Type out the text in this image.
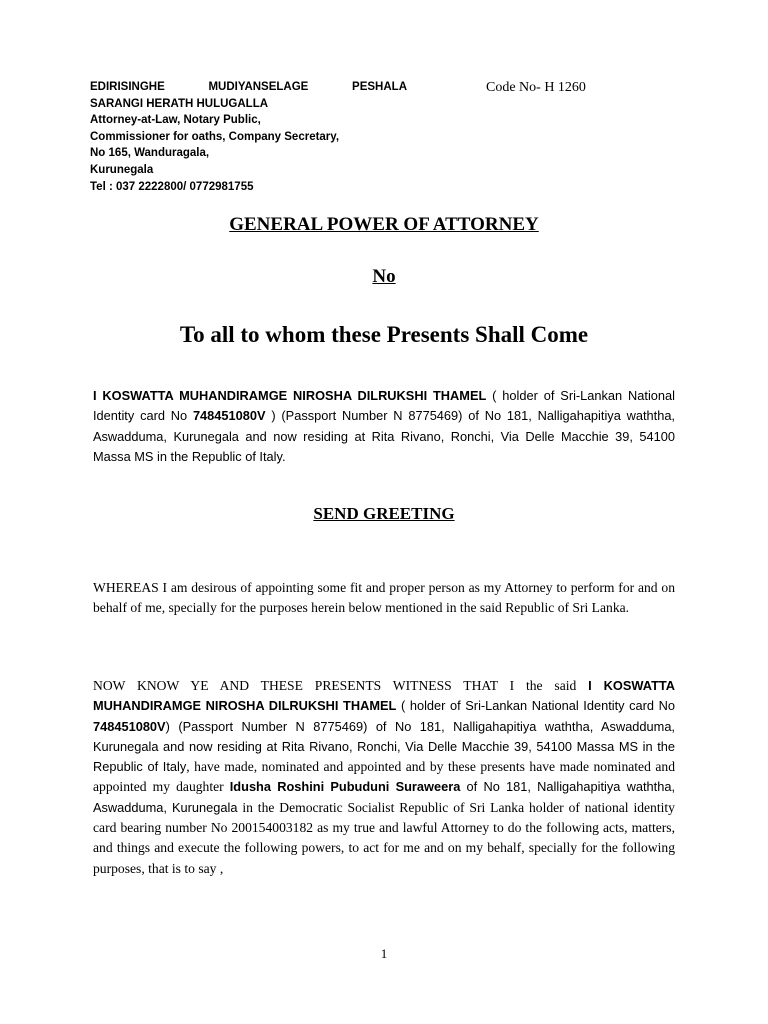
EDIRISINGHE	MUDIYANSELAGE	PESHALA
SARANGI HERATH HULUGALLA
Attorney-at-Law, Notary Public,
Commissioner for oaths, Company Secretary,
No 165, Wanduragala,
Kurunegala
Tel : 037 2222800/ 0772981755
Code No- H 1260
GENERAL POWER OF ATTORNEY
No
To all to whom these Presents Shall Come
I KOSWATTA MUHANDIRAMGE NIROSHA DILRUKSHI THAMEL ( holder of Sri-Lankan National Identity card No 748451080V ) (Passport Number N 8775469) of No 181, Nalligahapitiya waththa, Aswadduma, Kurunegala and now residing at Rita Rivano, Ronchi, Via Delle Macchie 39, 54100 Massa MS in the Republic of Italy.
SEND GREETING
WHEREAS I am desirous of appointing some fit and proper person as my Attorney to perform for and on behalf of me, specially for the purposes herein below mentioned in the said Republic of Sri Lanka.
NOW KNOW YE AND THESE PRESENTS WITNESS THAT I the said I KOSWATTA MUHANDIRAMGE NIROSHA DILRUKSHI THAMEL ( holder of Sri-Lankan National Identity card No 748451080V) (Passport Number N 8775469) of No 181, Nalligahapitiya waththa, Aswadduma, Kurunegala and now residing at Rita Rivano, Ronchi, Via Delle Macchie 39, 54100 Massa MS in the Republic of Italy, have made, nominated and appointed and by these presents have made nominated and appointed my daughter Idusha Roshini Pubuduni Suraweera of No 181, Nalligahapitiya waththa, Aswadduma, Kurunegala in the Democratic Socialist Republic of Sri Lanka holder of national identity card bearing number No 200154003182 as my true and lawful Attorney to do the following acts, matters, and things and execute the following powers, to act for me and on my behalf, specially for the following purposes, that is to say ,
1
